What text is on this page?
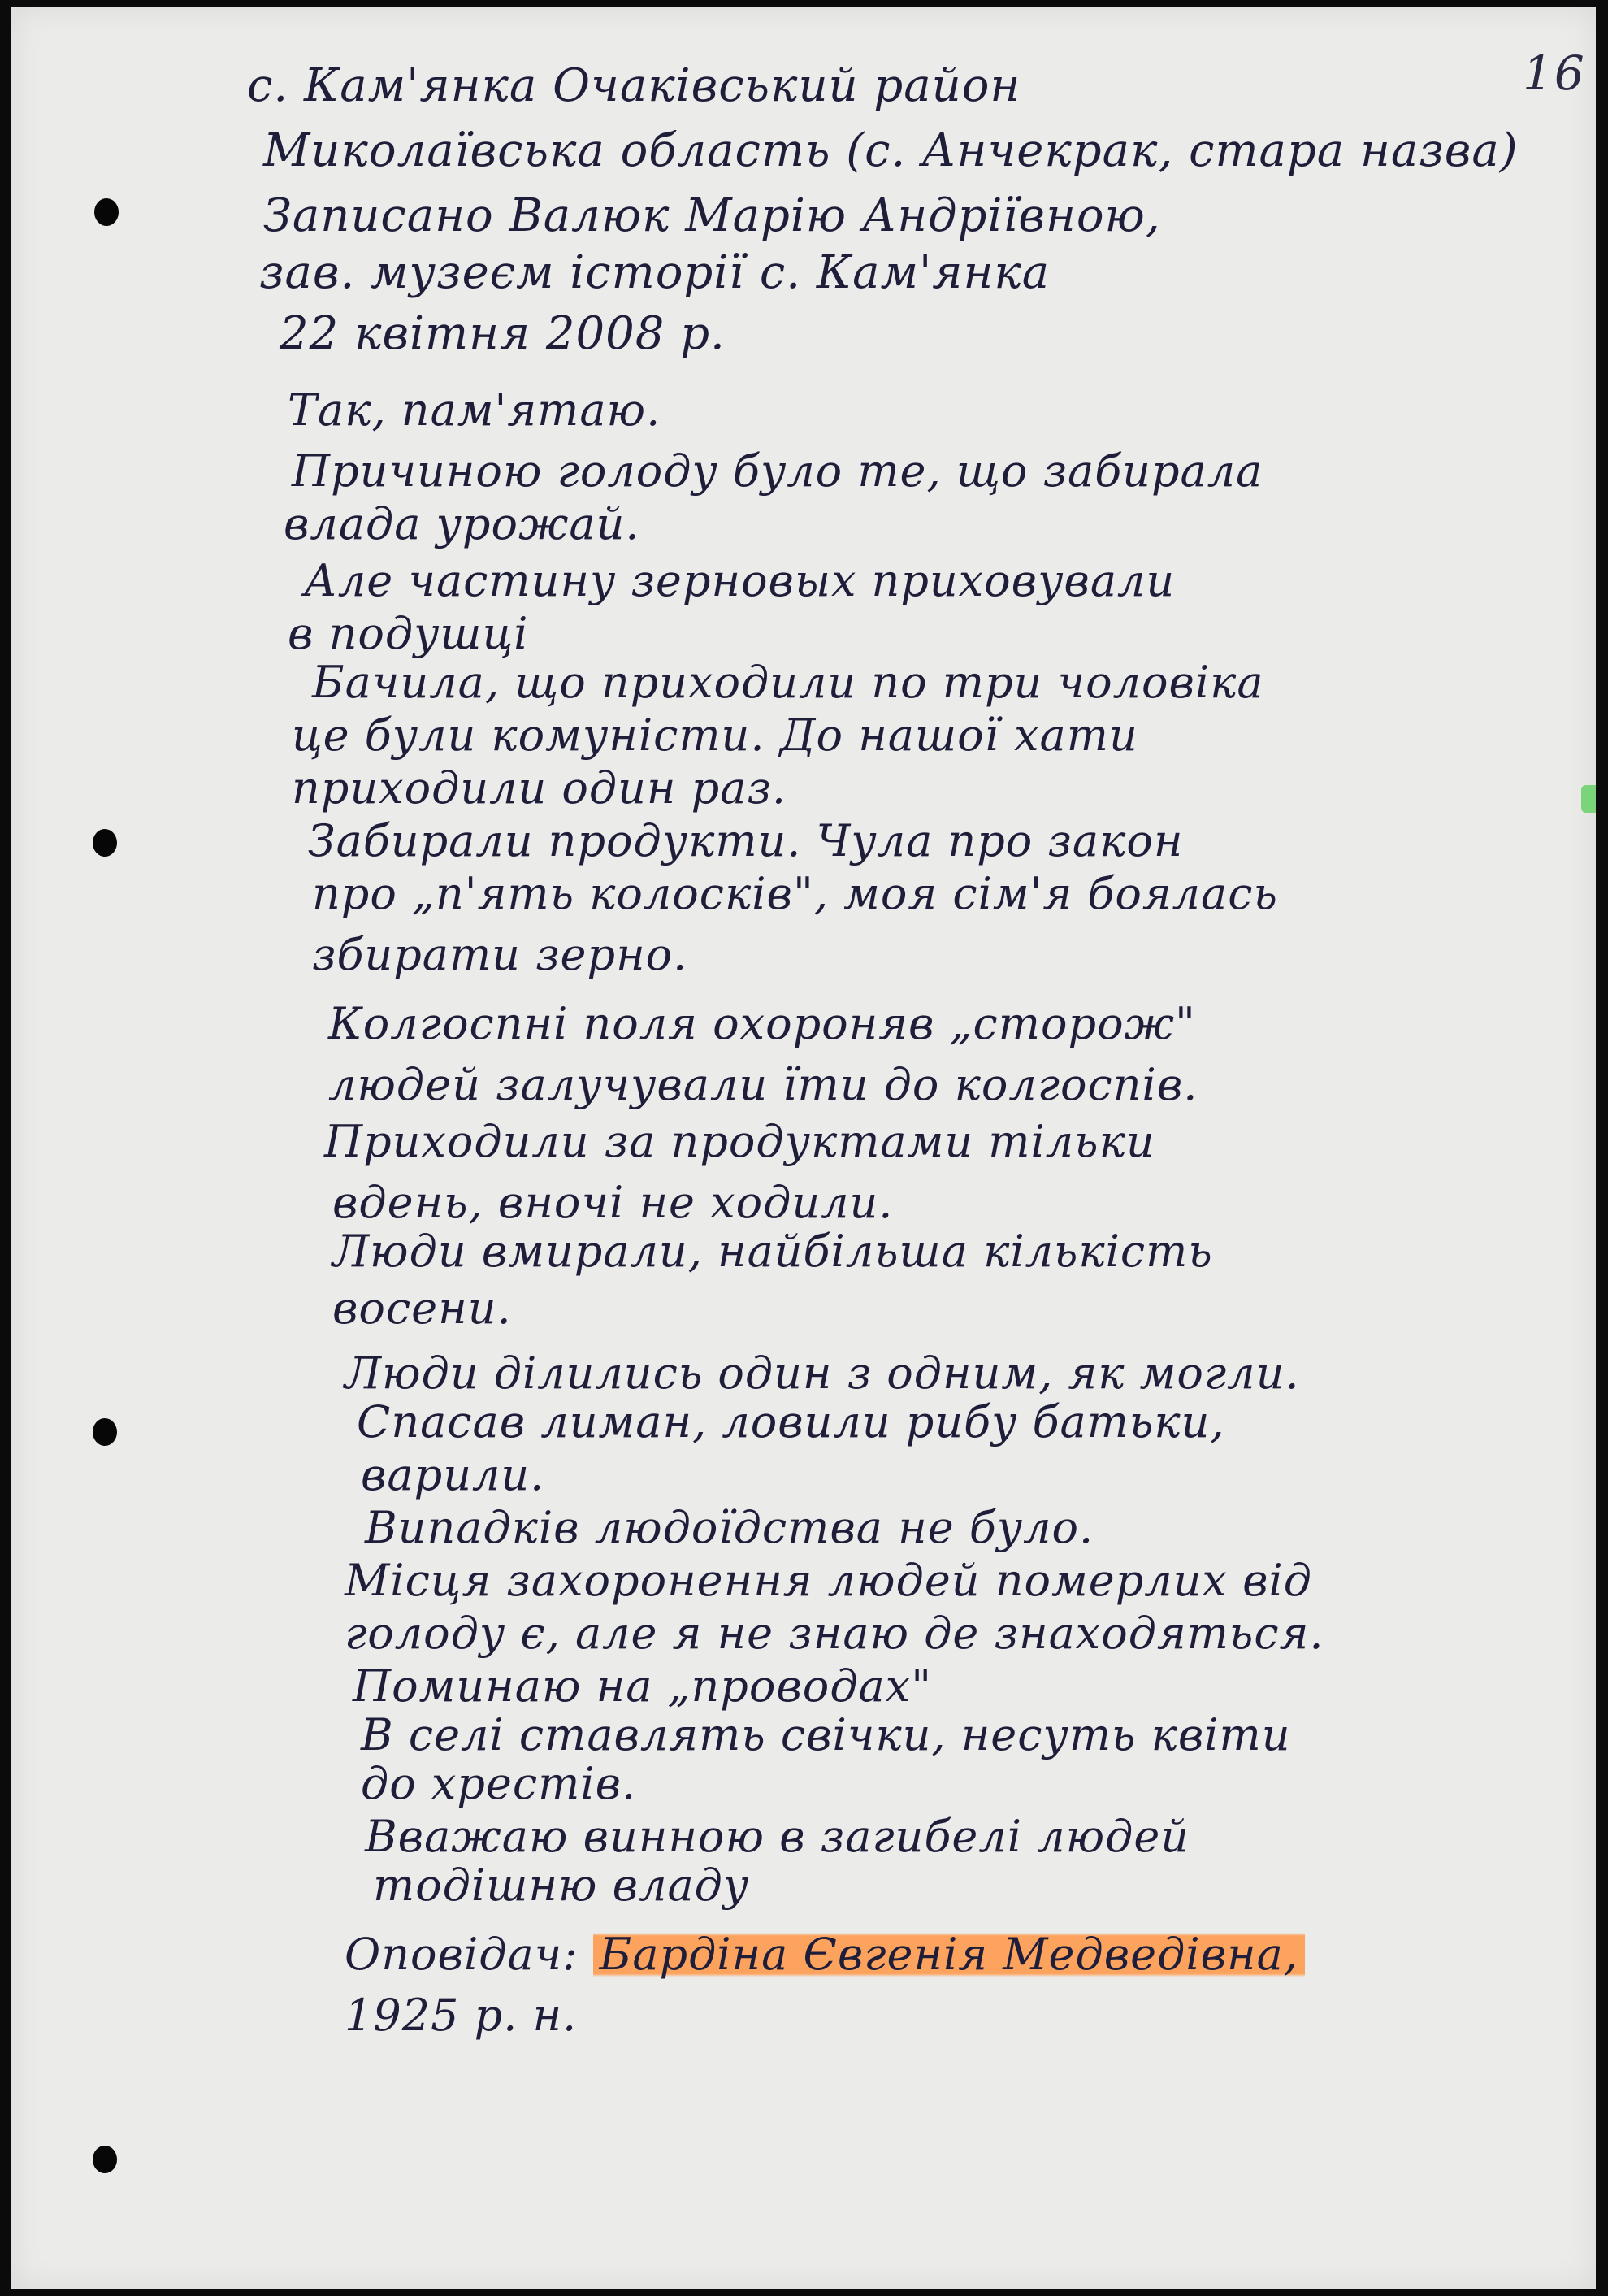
16
с. Кам'янка Очаківський район
Миколаївська область (с. Анчекрак, стара назва)
Записано Валюк Марію Андріївною,
зав. музеєм історії с. Кам'янка
22 квітня 2008 р.
Так, пам'ятаю.
Причиною голоду було те, що забирала
влада урожай.
Але частину зерновых приховували
в подушці
Бачила, що приходили по три чоловіка
це були комуністи. До нашої хати
приходили один раз.
Забирали продукти. Чула про закон
про „п'ять колосків", моя сім'я боялась
збирати зерно.
Колгоспні поля охороняв „сторож"
людей залучували їти до колгоспів.
Приходили за продуктами тільки
вдень, вночі не ходили.
Люди вмирали, найбільша кількість
восени.
Люди ділились один з одним, як могли.
Спасав лиман, ловили рибу батьки,
варили.
Випадків людоїдства не було.
Місця захоронення людей померлих від
голоду є, але я не знаю де знаходяться.
Поминаю на „проводах"
В селі ставлять свічки, несуть квіти
до хрестів.
Вважаю винною в загибелі людей
тодішню владу
Оповідач: Бардіна Євгенія Медведівна,
1925 р. н.
